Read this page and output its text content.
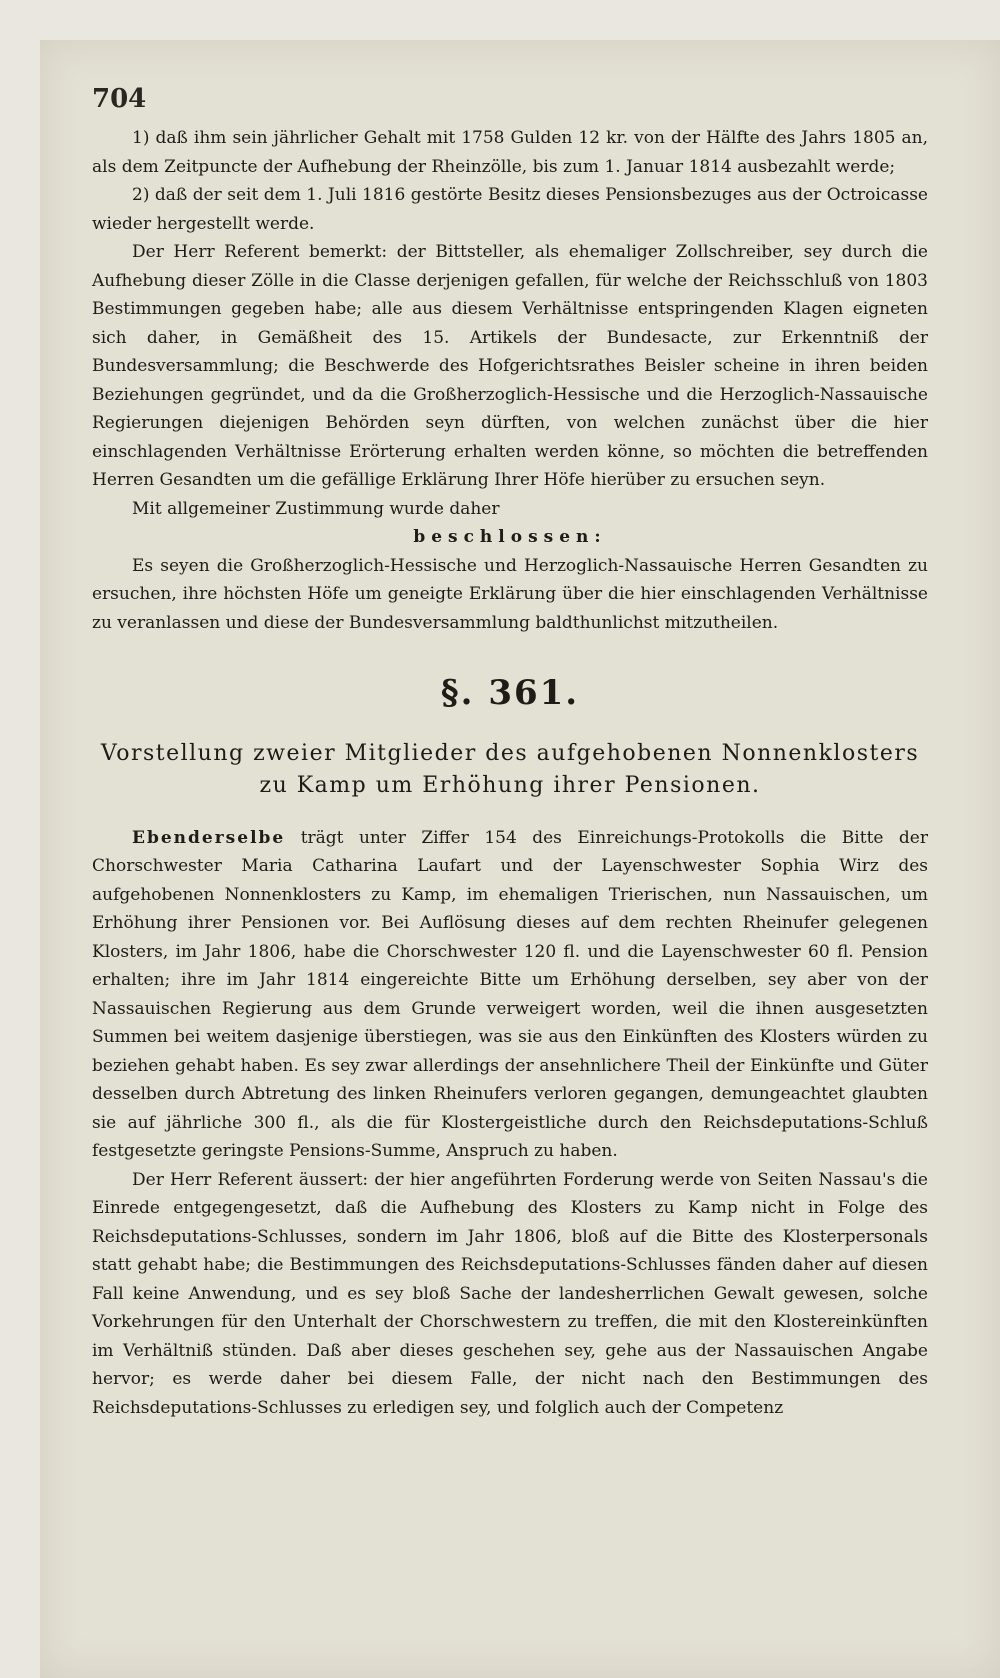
704

1) daß ihm sein jährlicher Gehalt mit 1758 Gulden 12 kr. von der Hälfte des Jahrs 1805 an, als dem Zeitpuncte der Aufhebung der Rheinzölle, bis zum 1. Januar 1814 ausbezahlt werde;

2) daß der seit dem 1. Juli 1816 gestörte Besitz dieses Pensionsbezuges aus der Octroicasse wieder hergestellt werde.

Der Herr Referent bemerkt: der Bittsteller, als ehemaliger Zollschreiber, sey durch die Aufhebung dieser Zölle in die Classe derjenigen gefallen, für welche der Reichsschluß von 1803 Bestimmungen gegeben habe; alle aus diesem Verhältnisse entspringenden Klagen eigneten sich daher, in Gemäßheit des 15. Artikels der Bundesacte, zur Erkenntniß der Bundesversammlung; die Beschwerde des Hofgerichtsrathes Beisler scheine in ihren beiden Beziehungen gegründet, und da die Großherzoglich-Hessische und die Herzoglich-Nassauische Regierungen diejenigen Behörden seyn dürften, von welchen zunächst über die hier einschlagenden Verhältnisse Erörterung erhalten werden könne, so möchten die betreffenden Herren Gesandten um die gefällige Erklärung Ihrer Höfe hierüber zu ersuchen seyn.

Mit allgemeiner Zustimmung wurde daher

beschlossen:

Es seyen die Großherzoglich-Hessische und Herzoglich-Nassauische Herren Gesandten zu ersuchen, ihre höchsten Höfe um geneigte Erklärung über die hier einschlagenden Verhältnisse zu veranlassen und diese der Bundesversammlung baldthunlichst mitzutheilen.

§. 361.
Vorstellung zweier Mitglieder des aufgehobenen Nonnenklosters zu Kamp um Erhöhung ihrer Pensionen.

Ebenderselbe trägt unter Ziffer 154 des Einreichungs-Protokolls die Bitte der Chorschwester Maria Catharina Laufart und der Layenschwester Sophia Wirz des aufgehobenen Nonnenklosters zu Kamp, im ehemaligen Trierischen, nun Nassauischen, um Erhöhung ihrer Pensionen vor. Bei Auflösung dieses auf dem rechten Rheinufer gelegenen Klosters, im Jahr 1806, habe die Chorschwester 120 fl. und die Layenschwester 60 fl. Pension erhalten; ihre im Jahr 1814 eingereichte Bitte um Erhöhung derselben, sey aber von der Nassauischen Regierung aus dem Grunde verweigert worden, weil die ihnen ausgesetzten Summen bei weitem dasjenige überstiegen, was sie aus den Einkünften des Klosters würden zu beziehen gehabt haben. Es sey zwar allerdings der ansehnlichere Theil der Einkünfte und Güter desselben durch Abtretung des linken Rheinufers verloren gegangen, demungeachtet glaubten sie auf jährliche 300 fl., als die für Klostergeistliche durch den Reichsdeputations-Schluß festgesetzte geringste Pensions-Summe, Anspruch zu haben.

Der Herr Referent äussert: der hier angeführten Forderung werde von Seiten Nassau's die Einrede entgegengesetzt, daß die Aufhebung des Klosters zu Kamp nicht in Folge des Reichsdeputations-Schlusses, sondern im Jahr 1806, bloß auf die Bitte des Klosterpersonals statt gehabt habe; die Bestimmungen des Reichsdeputations-Schlusses fänden daher auf diesen Fall keine Anwendung, und es sey bloß Sache der landesherrlichen Gewalt gewesen, solche Vorkehrungen für den Unterhalt der Chorschwestern zu treffen, die mit den Klostereinkünften im Verhältniß stünden. Daß aber dieses geschehen sey, gehe aus der Nassauischen Angabe hervor; es werde daher bei diesem Falle, der nicht nach den Bestimmungen des Reichsdeputations-Schlusses zu erledigen sey, und folglich auch der Competenz
